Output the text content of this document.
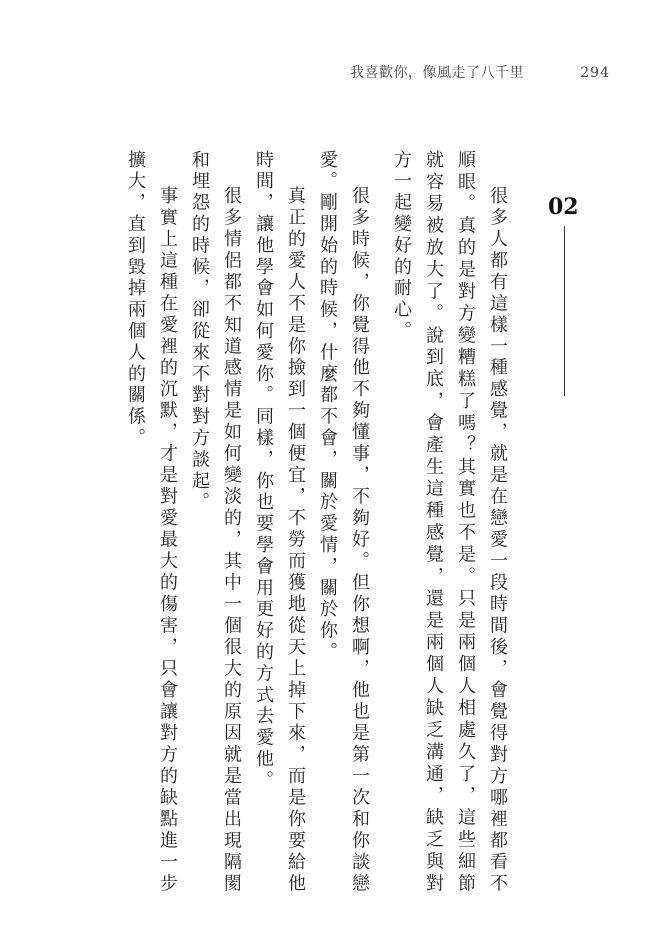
我喜歡你，像風走了八千里	294
02

很多人都有這樣一種感覺，就是在戀愛一段時間後，會覺得對方哪裡都看不順眼。真的是對方變糟糕了嗎？其實也不是。只是兩個人相處久了，這些細節就容易被放大了。說到底，會產生這種感覺，還是兩個人缺乏溝通，缺乏與對方一起變好的耐心。

很多時候，你覺得他不夠懂事，不夠好。但你想啊，他也是第一次和你談戀愛。剛開始的時候，什麼都不會，關於愛情，關於你。

真正的愛人不是你撿到一個便宜，不勞而獲地從天上掉下來，而是你要給他時間，讓他學會如何愛你。同樣，你也要學會用更好的方式去愛他。

很多情侶都不知道感情是如何變淡的，其中一個很大的原因就是當出現隔閡和埋怨的時候，卻從來不對對方談起。

事實上這種在愛裡的沉默，才是對愛最大的傷害，只會讓對方的缺點進一步擴大，直到毀掉兩個人的關係。
